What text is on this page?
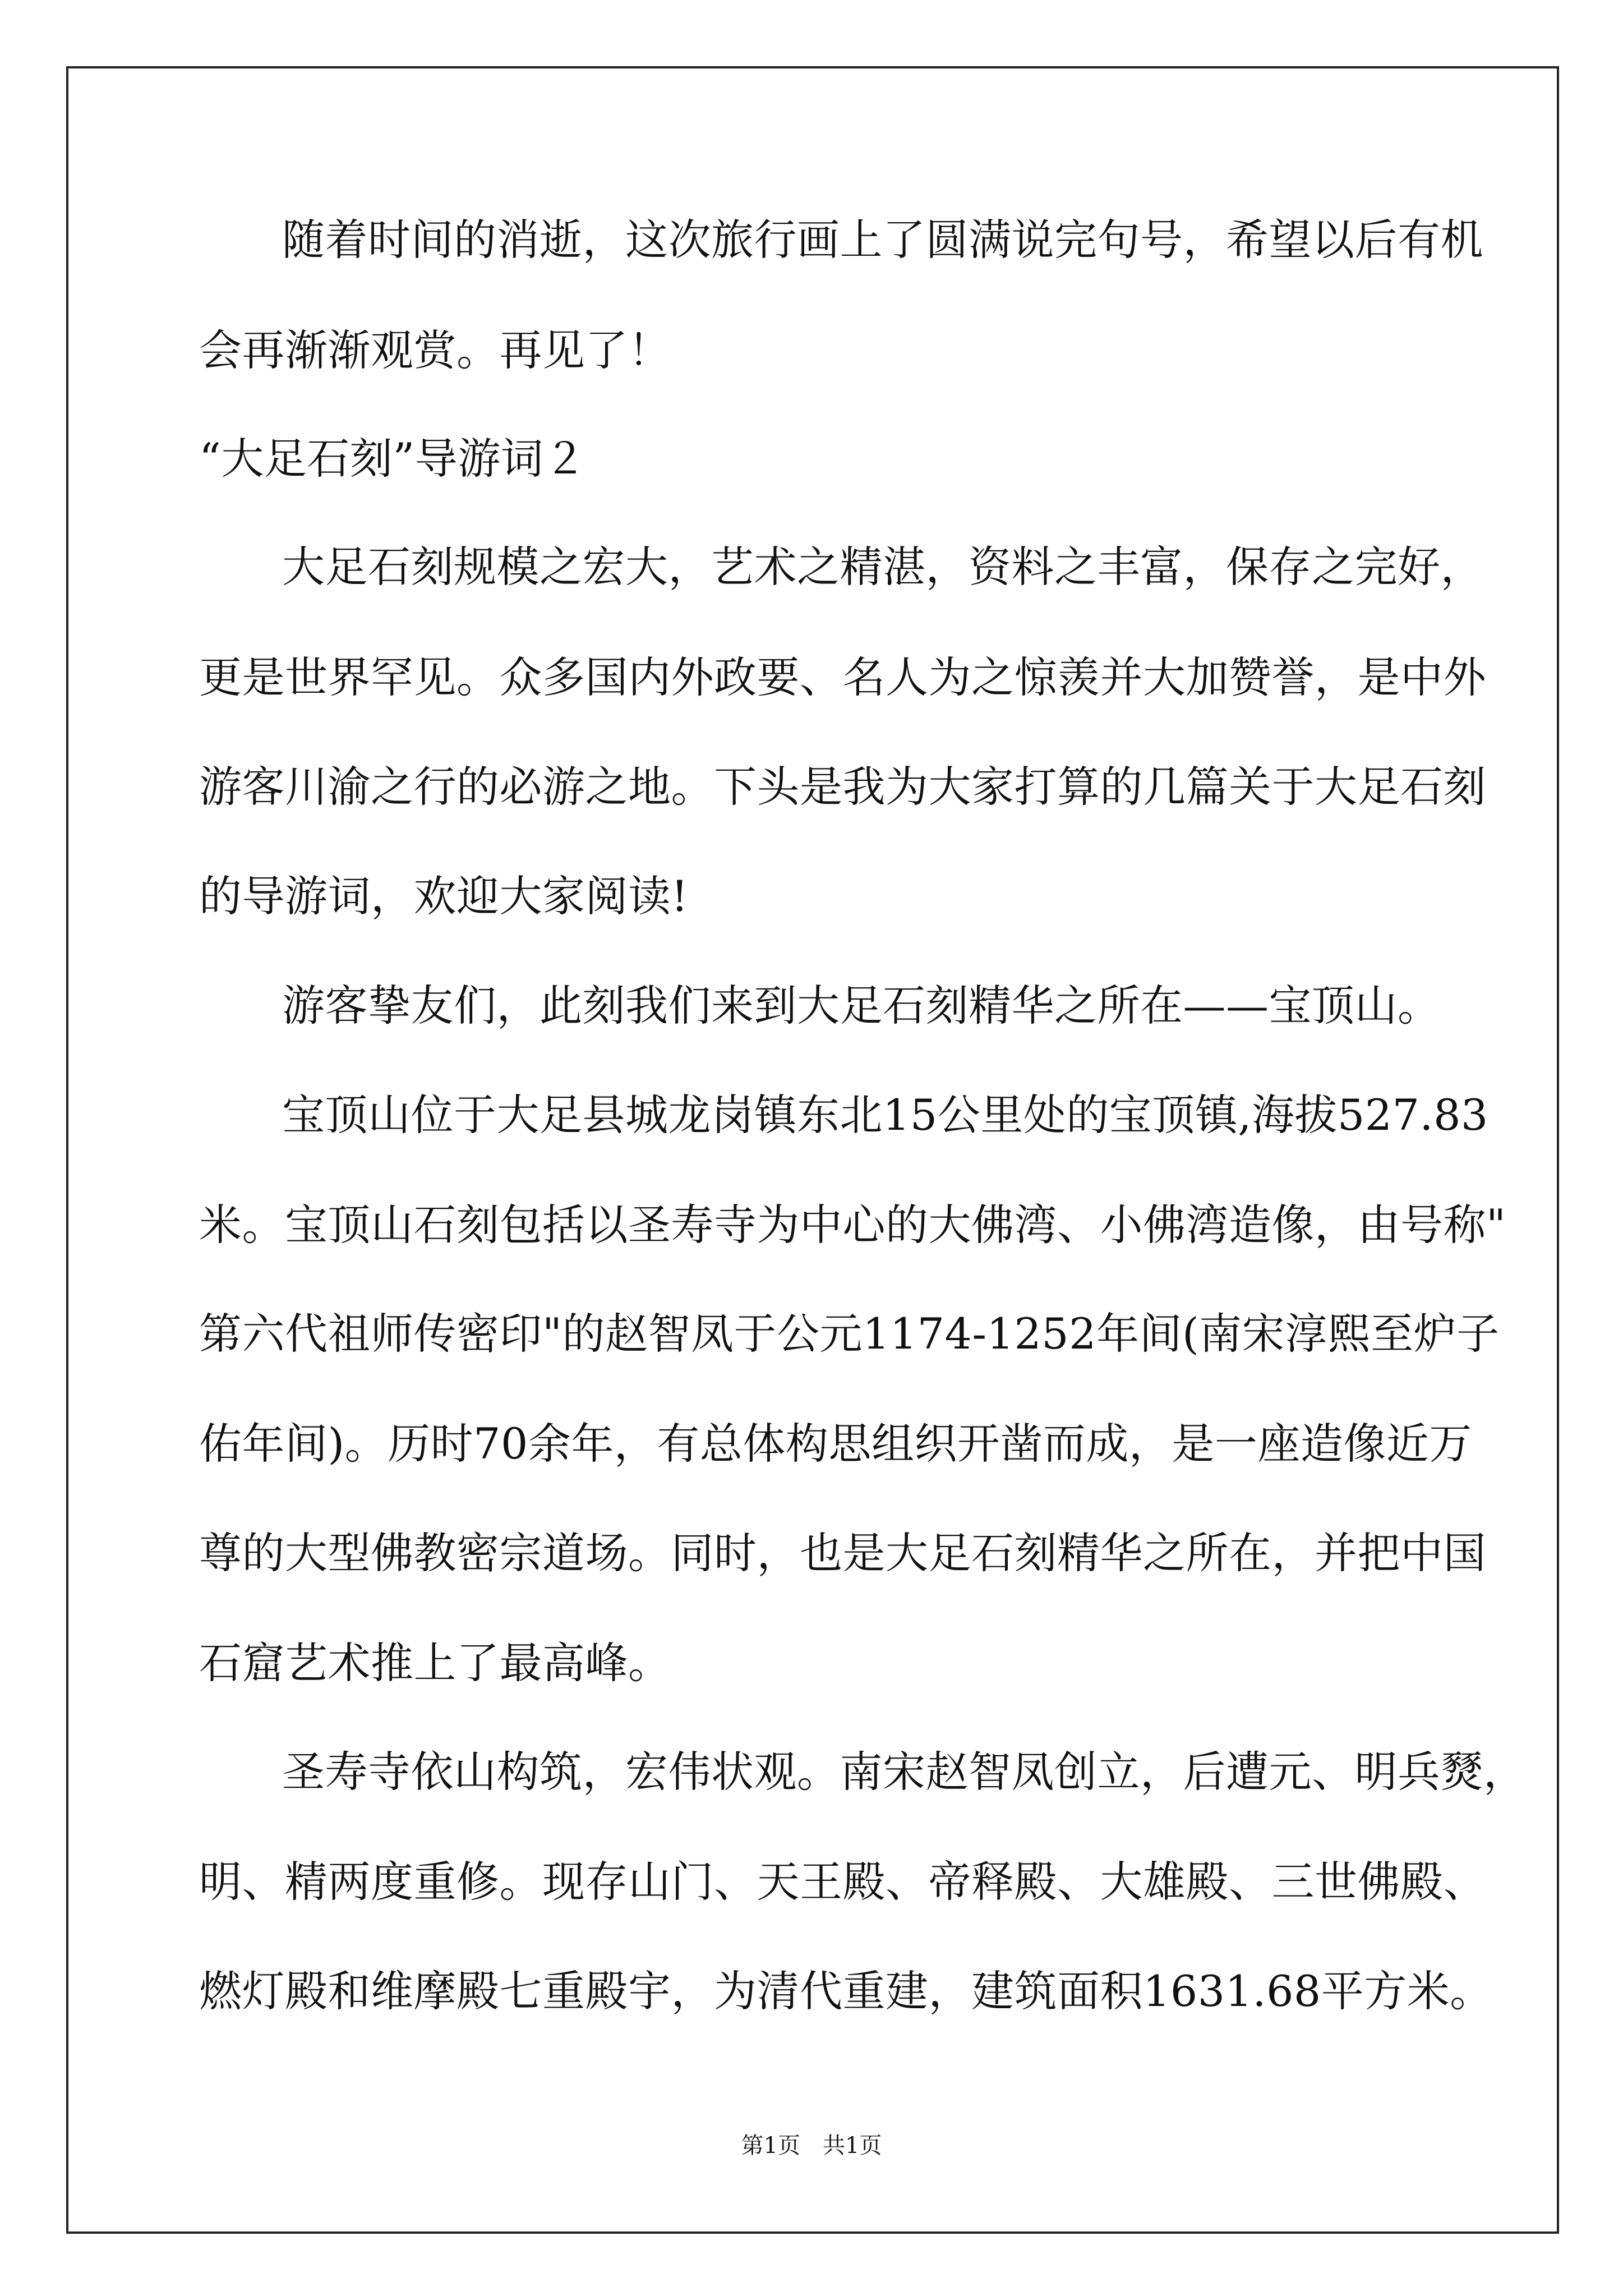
随着时间的消逝，这次旅行画上了圆满说完句号，希望以后有机
会再渐渐观赏。再见了！
“大足石刻”导游词２
大足石刻规模之宏大，艺术之精湛，资料之丰富，保存之完好，
更是世界罕见。众多国内外政要、名人为之惊羡并大加赞誉，是中外
游客川渝之行的必游之地。下头是我为大家打算的几篇关于大足石刻
的导游词，欢迎大家阅读!
游客挚友们，此刻我们来到大足石刻精华之所在——宝顶山。
宝顶山位于大足县城龙岗镇东北15公里处的宝顶镇,海拔527.83
米。宝顶山石刻包括以圣寿寺为中心的大佛湾、小佛湾造像，由号称"
第六代祖师传密印"的赵智凤于公元1174-1252年间(南宋淳熙至炉子
佑年间)。历时70余年，有总体构思组织开凿而成，是一座造像近万
尊的大型佛教密宗道场。同时，也是大足石刻精华之所在，并把中国
石窟艺术推上了最高峰。
圣寿寺依山构筑，宏伟状观。南宋赵智凤创立，后遭元、明兵燹，
明、精两度重修。现存山门、天王殿、帝释殿、大雄殿、三世佛殿、
燃灯殿和维摩殿七重殿宇，为清代重建，建筑面积1631.68平方米。
第1页　共1页
